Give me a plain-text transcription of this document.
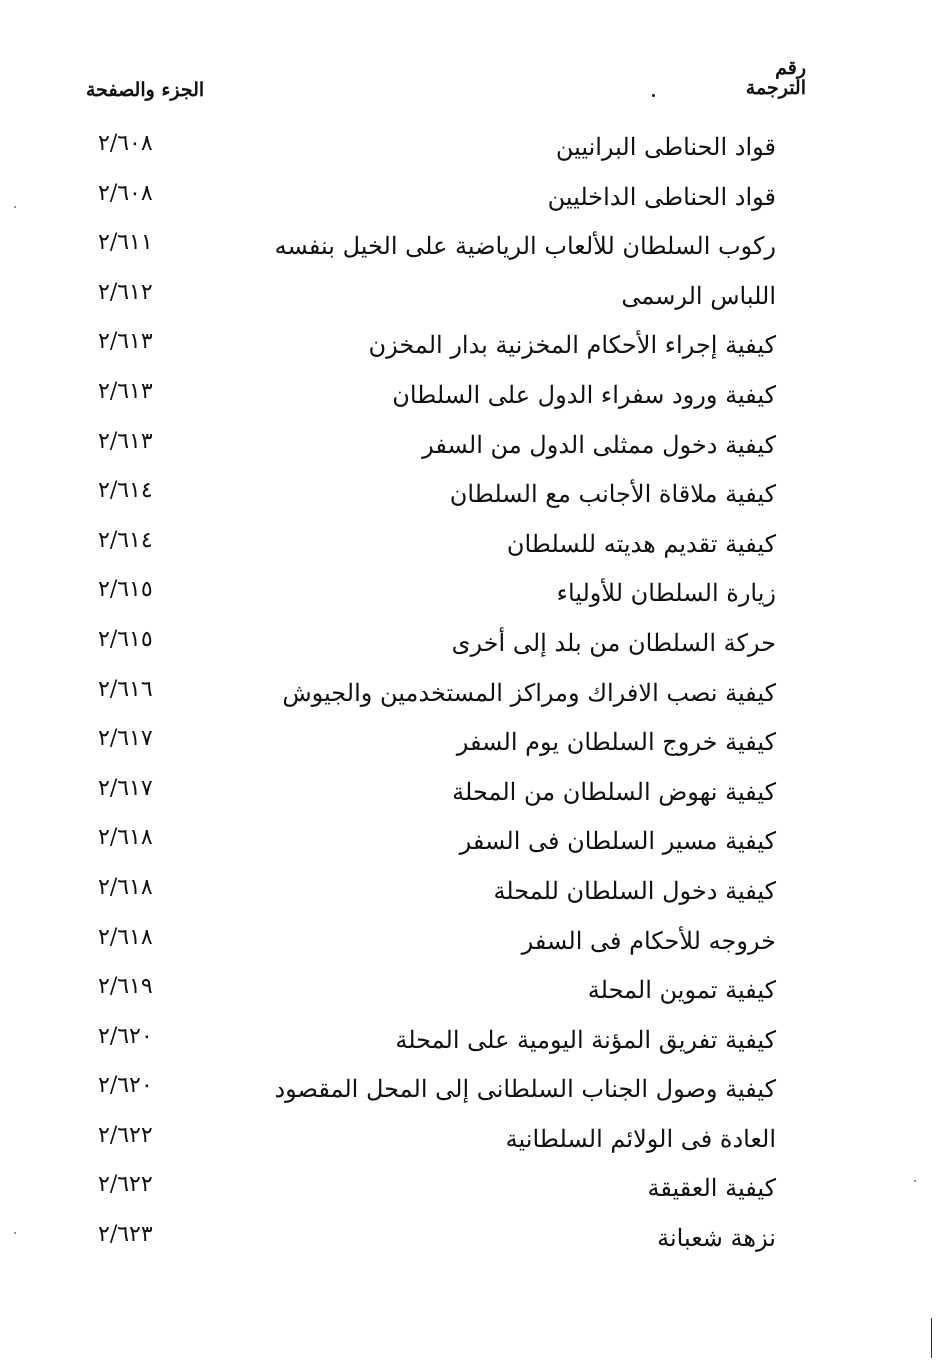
رقم
الترجمة
الجزء والصفحة
قواد الحناطى البرانيين
٢/٦٠٨
قواد الحناطى الداخليين
٢/٦٠٨
ركوب السلطان للألعاب الرياضية على الخيل بنفسه
٢/٦١١
اللباس الرسمى
٢/٦١٢
كيفية إجراء الأحكام المخزنية بدار المخزن
٢/٦١٣
كيفية ورود سفراء الدول على السلطان
٢/٦١٣
كيفية دخول ممثلى الدول من السفر
٢/٦١٣
كيفية ملاقاة الأجانب مع السلطان
٢/٦١٤
كيفية تقديم هديته للسلطان
٢/٦١٤
زيارة السلطان للأولياء
٢/٦١٥
حركة السلطان من بلد إلى أخرى
٢/٦١٥
كيفية نصب الافراك ومراكز المستخدمين والجيوش
٢/٦١٦
كيفية خروج السلطان يوم السفر
٢/٦١٧
كيفية نهوض السلطان من المحلة
٢/٦١٧
كيفية مسير السلطان فى السفر
٢/٦١٨
كيفية دخول السلطان للمحلة
٢/٦١٨
خروجه للأحكام فى السفر
٢/٦١٨
كيفية تموين المحلة
٢/٦١٩
كيفية تفريق المؤنة اليومية على المحلة
٢/٦٢٠
كيفية وصول الجناب السلطانى إلى المحل المقصود
٢/٦٢٠
العادة فى الولائم السلطانية
٢/٦٢٢
كيفية العقيقة
٢/٦٢٢
نزهة شعبانة
٢/٦٢٣
